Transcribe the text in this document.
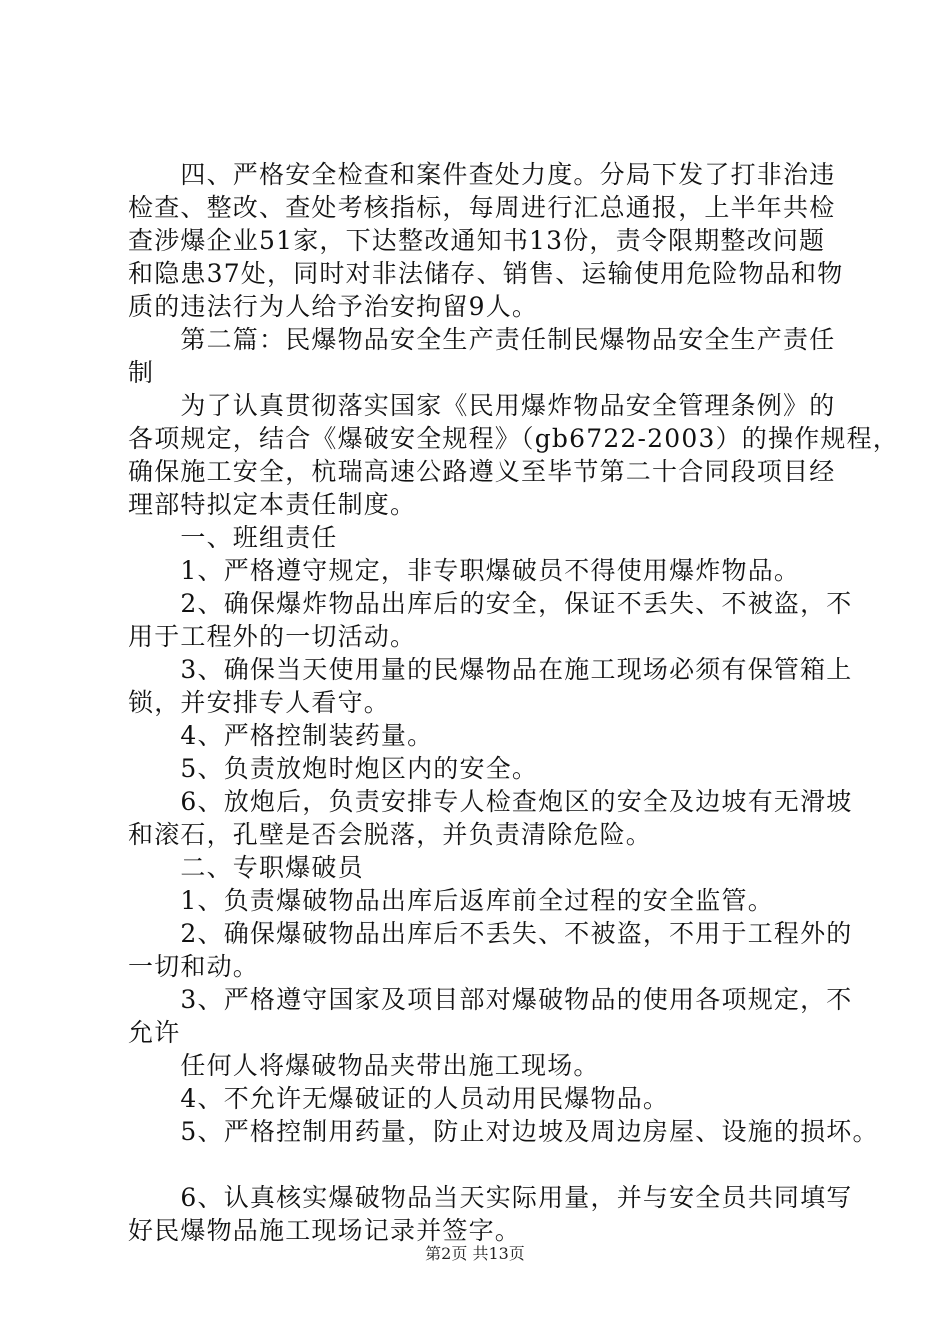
　　四、严格安全检查和案件查处力度。分局下发了打非治违
检查、整改、查处考核指标，每周进行汇总通报，上半年共检
查涉爆企业51家，下达整改通知书13份，责令限期整改问题
和隐患37处，同时对非法储存、销售、运输使用危险物品和物
质的违法行为人给予治安拘留9人。
　　第二篇：民爆物品安全生产责任制民爆物品安全生产责任
制
　　为了认真贯彻落实国家《民用爆炸物品安全管理条例》的
各项规定，结合《爆破安全规程》（gb6722-2003）的操作规程，
确保施工安全，杭瑞高速公路遵义至毕节第二十合同段项目经
理部特拟定本责任制度。
　　一、班组责任
　　1、严格遵守规定，非专职爆破员不得使用爆炸物品。
　　2、确保爆炸物品出库后的安全，保证不丢失、不被盗，不
用于工程外的一切活动。
　　3、确保当天使用量的民爆物品在施工现场必须有保管箱上
锁，并安排专人看守。
　　4、严格控制装药量。
　　5、负责放炮时炮区内的安全。
　　6、放炮后，负责安排专人检查炮区的安全及边坡有无滑坡
和滚石，孔壁是否会脱落，并负责清除危险。
　　二、专职爆破员
　　1、负责爆破物品出库后返库前全过程的安全监管。
　　2、确保爆破物品出库后不丢失、不被盗，不用于工程外的
一切和动。
　　3、严格遵守国家及项目部对爆破物品的使用各项规定，不
允许
　　任何人将爆破物品夹带出施工现场。
　　4、不允许无爆破证的人员动用民爆物品。
　　5、严格控制用药量，防止对边坡及周边房屋、设施的损坏。
　　6、认真核实爆破物品当天实际用量，并与安全员共同填写
好民爆物品施工现场记录并签字。
第2页 共13页
